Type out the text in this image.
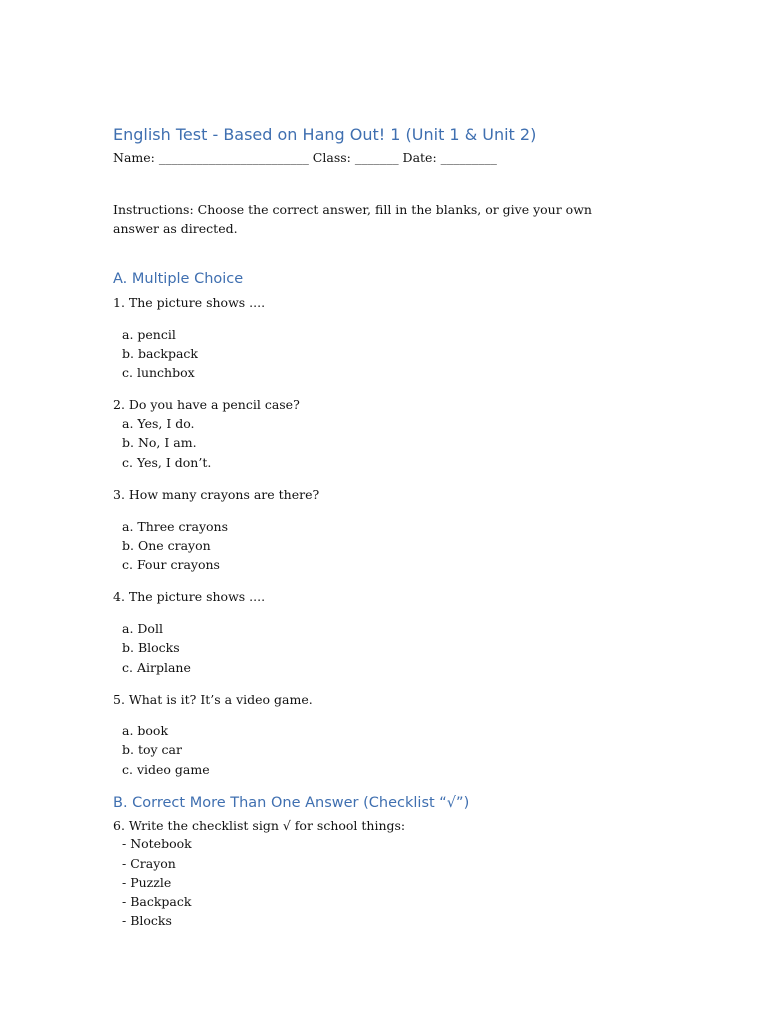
English Test - Based on Hang Out! 1 (Unit 1 & Unit 2)
Name: ________________________ Class: _______ Date: _________
Instructions: Choose the correct answer, fill in the blanks, or give your own answer as directed.
A. Multiple Choice
1. The picture shows ....
a. pencil
b. backpack
c. lunchbox
2. Do you have a pencil case?
a. Yes, I do.
b. No, I am.
c. Yes, I don’t.
3. How many crayons are there?
a. Three crayons
b. One crayon
c. Four crayons
4. The picture shows ....
a. Doll
b. Blocks
c. Airplane
5. What is it? It’s a video game.
a. book
b. toy car
c. video game
B. Correct More Than One Answer (Checklist “√”)
6. Write the checklist sign √ for school things:
- Notebook
- Crayon
- Puzzle
- Backpack
- Blocks
